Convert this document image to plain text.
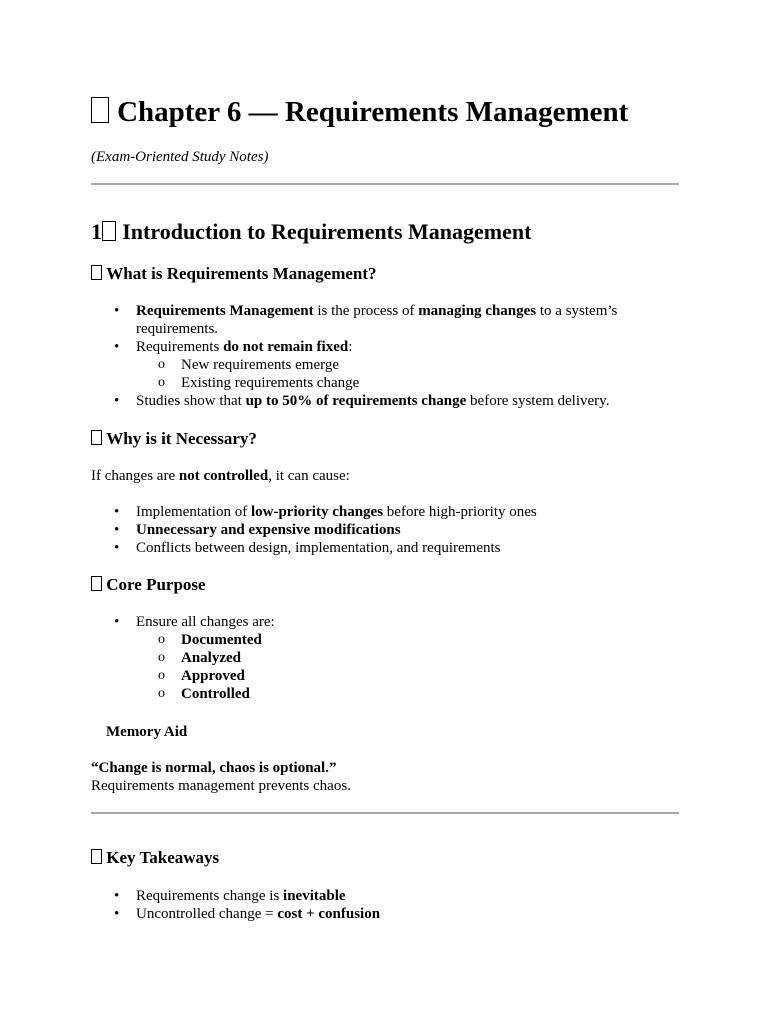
Chapter 6 — Requirements Management

(Exam-Oriented Study Notes)

1 Introduction to Requirements Management
What is Requirements Management?
• Requirements Management is the process of managing changes to a system’s requirements.
• Requirements do not remain fixed:
o New requirements emerge
o Existing requirements change
• Studies show that up to 50% of requirements change before system delivery.
Why is it Necessary?

If changes are not controlled, it can cause:

• Implementation of low-priority changes before high-priority ones
• Unnecessary and expensive modifications
• Conflicts between design, implementation, and requirements
Core Purpose
• Ensure all changes are:
o Documented
o Analyzed
o Approved
o Controlled

Memory Aid

“Change is normal, chaos is optional.”
Requirements management prevents chaos.

Key Takeaways
• Requirements change is inevitable
• Uncontrolled change = cost + confusion
